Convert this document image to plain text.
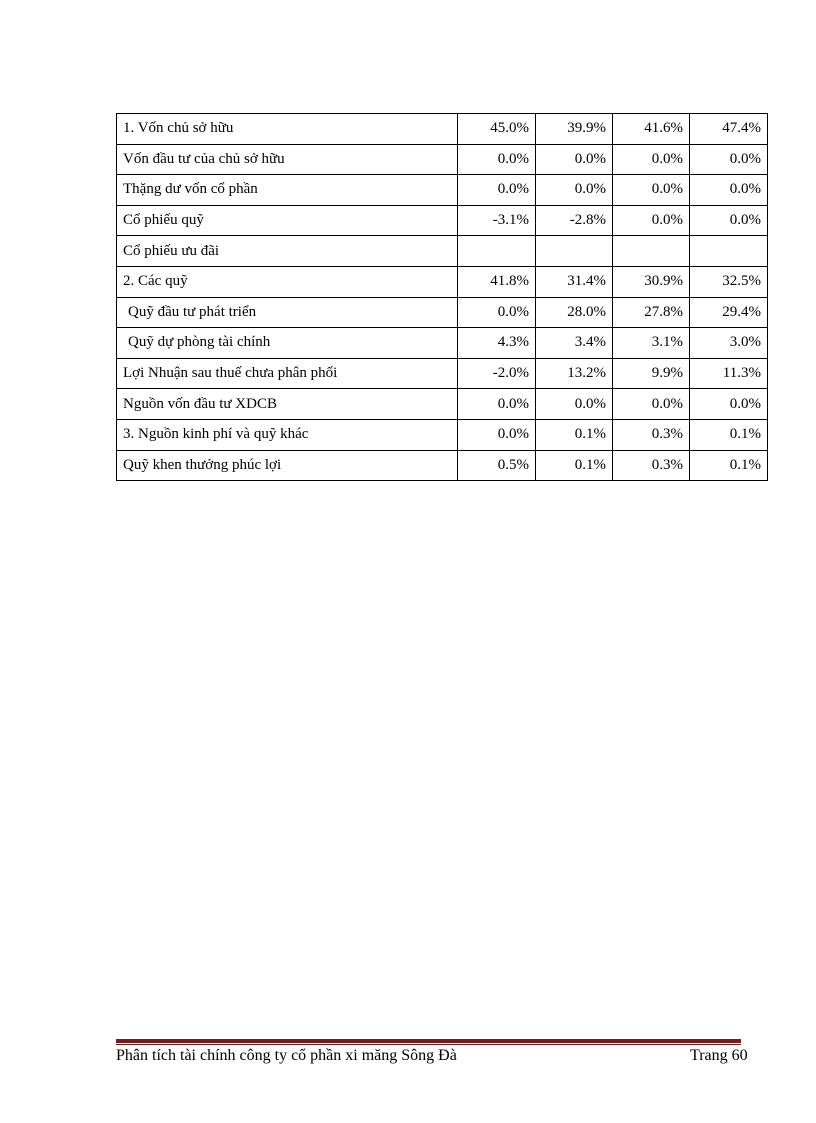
1. Vốn chủ sở hữu	45.0%	39.9%	41.6%	47.4%
Vốn đầu tư của chủ sở hữu	0.0%	0.0%	0.0%	0.0%
Thặng dư vốn cổ phần	0.0%	0.0%	0.0%	0.0%
Cổ phiếu quỹ	-3.1%	-2.8%	0.0%	0.0%
Cổ phiếu ưu đãi				
2. Các quỹ	41.8%	31.4%	30.9%	32.5%
Quỹ đầu tư phát triển	0.0%	28.0%	27.8%	29.4%
Quỹ dự phòng tài chính	4.3%	3.4%	3.1%	3.0%
Lợi Nhuận sau thuế chưa phân phối	-2.0%	13.2%	9.9%	11.3%
Nguồn vốn đầu tư XDCB	0.0%	0.0%	0.0%	0.0%
3. Nguồn kinh phí và quỹ khác	0.0%	0.1%	0.3%	0.1%
Quỹ khen thưởng phúc lợi	0.5%	0.1%	0.3%	0.1%
Phân tích tài chính công ty cổ phần xi măng Sông Đà	Trang 60
